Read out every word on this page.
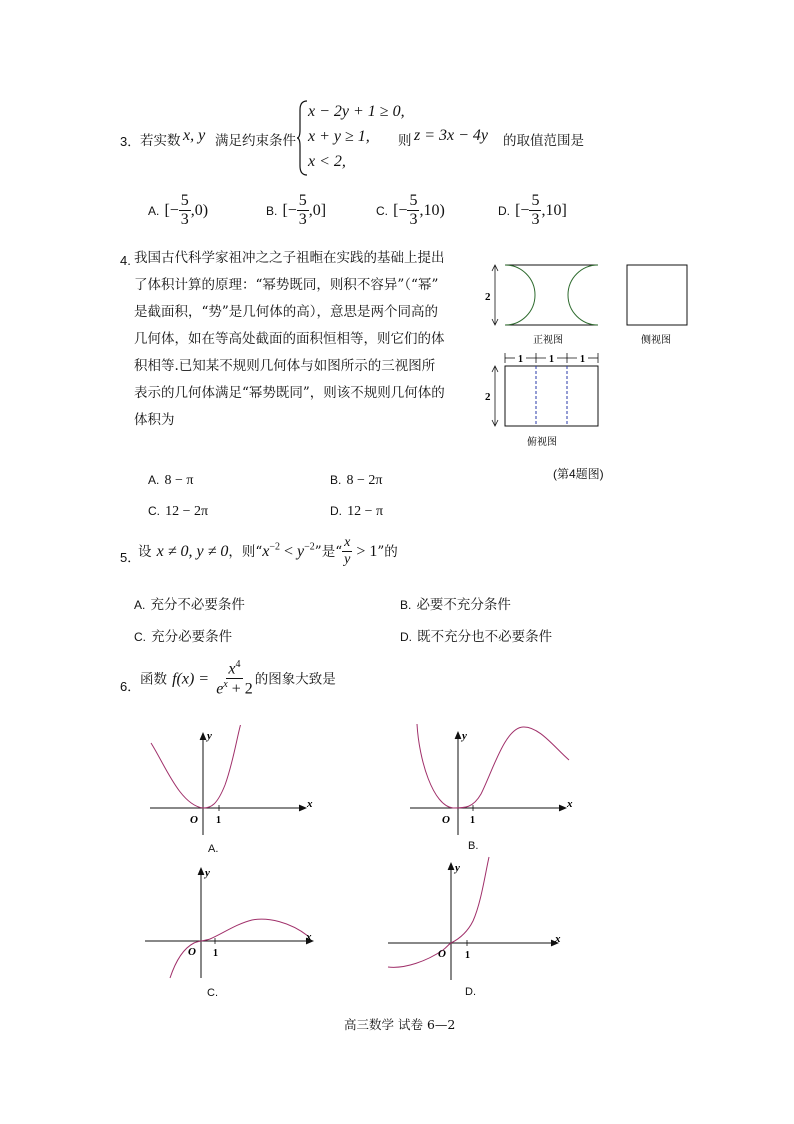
3． 若实数 x, y 满足约束条件
x − 2y + 1 ≥ 0,
x + y ≥ 1,
x < 2,
则 z = 3x − 4y 的取值范围是
A. [− $\frac{5}{3} ,0$)	B. [− $\frac{5}{3} ,0$]	C. [− $\frac{5}{3} ,10$)	D. [− $\frac{5}{3} ,10$]
4. 我国古代科学家祖冲之之子祖暅在实践的基础上提出
了体积计算的原理：“幂势既同，则积不容异”（“幂”
是截面积，“势”是几何体的高），意思是两个同高的
几何体，如在等高处截面的面积恒相等，则它们的体
积相等.已知某不规则几何体与如图所示的三视图所
表示的几何体满足“幂势既同”，则该不规则几何体的
体积为
A. 8 − π	B. 8 − 2π
C. 12 − 2π	D. 12 − π
2
正视图	侧视图
1	1	1
2
俯视图
(第4题图)
5．
设 x ≠ 0, y ≠ 0，则“$x^{-2} < y^{-2}$”是“ $\frac{x}{y} > 1$”的
A. 充分不必要条件	B. 必要不充分条件
C. 充分必要条件	D. 既不充分也不必要条件
6． 函数 $f(x) = \frac{x^4}{e^x + 2}$ 的图象大致是
x
y
O 1
A.
x
y
O 1
B.
x
y
O 1
C.
x
y
O 1
D.
高三数学 试卷 6—2
